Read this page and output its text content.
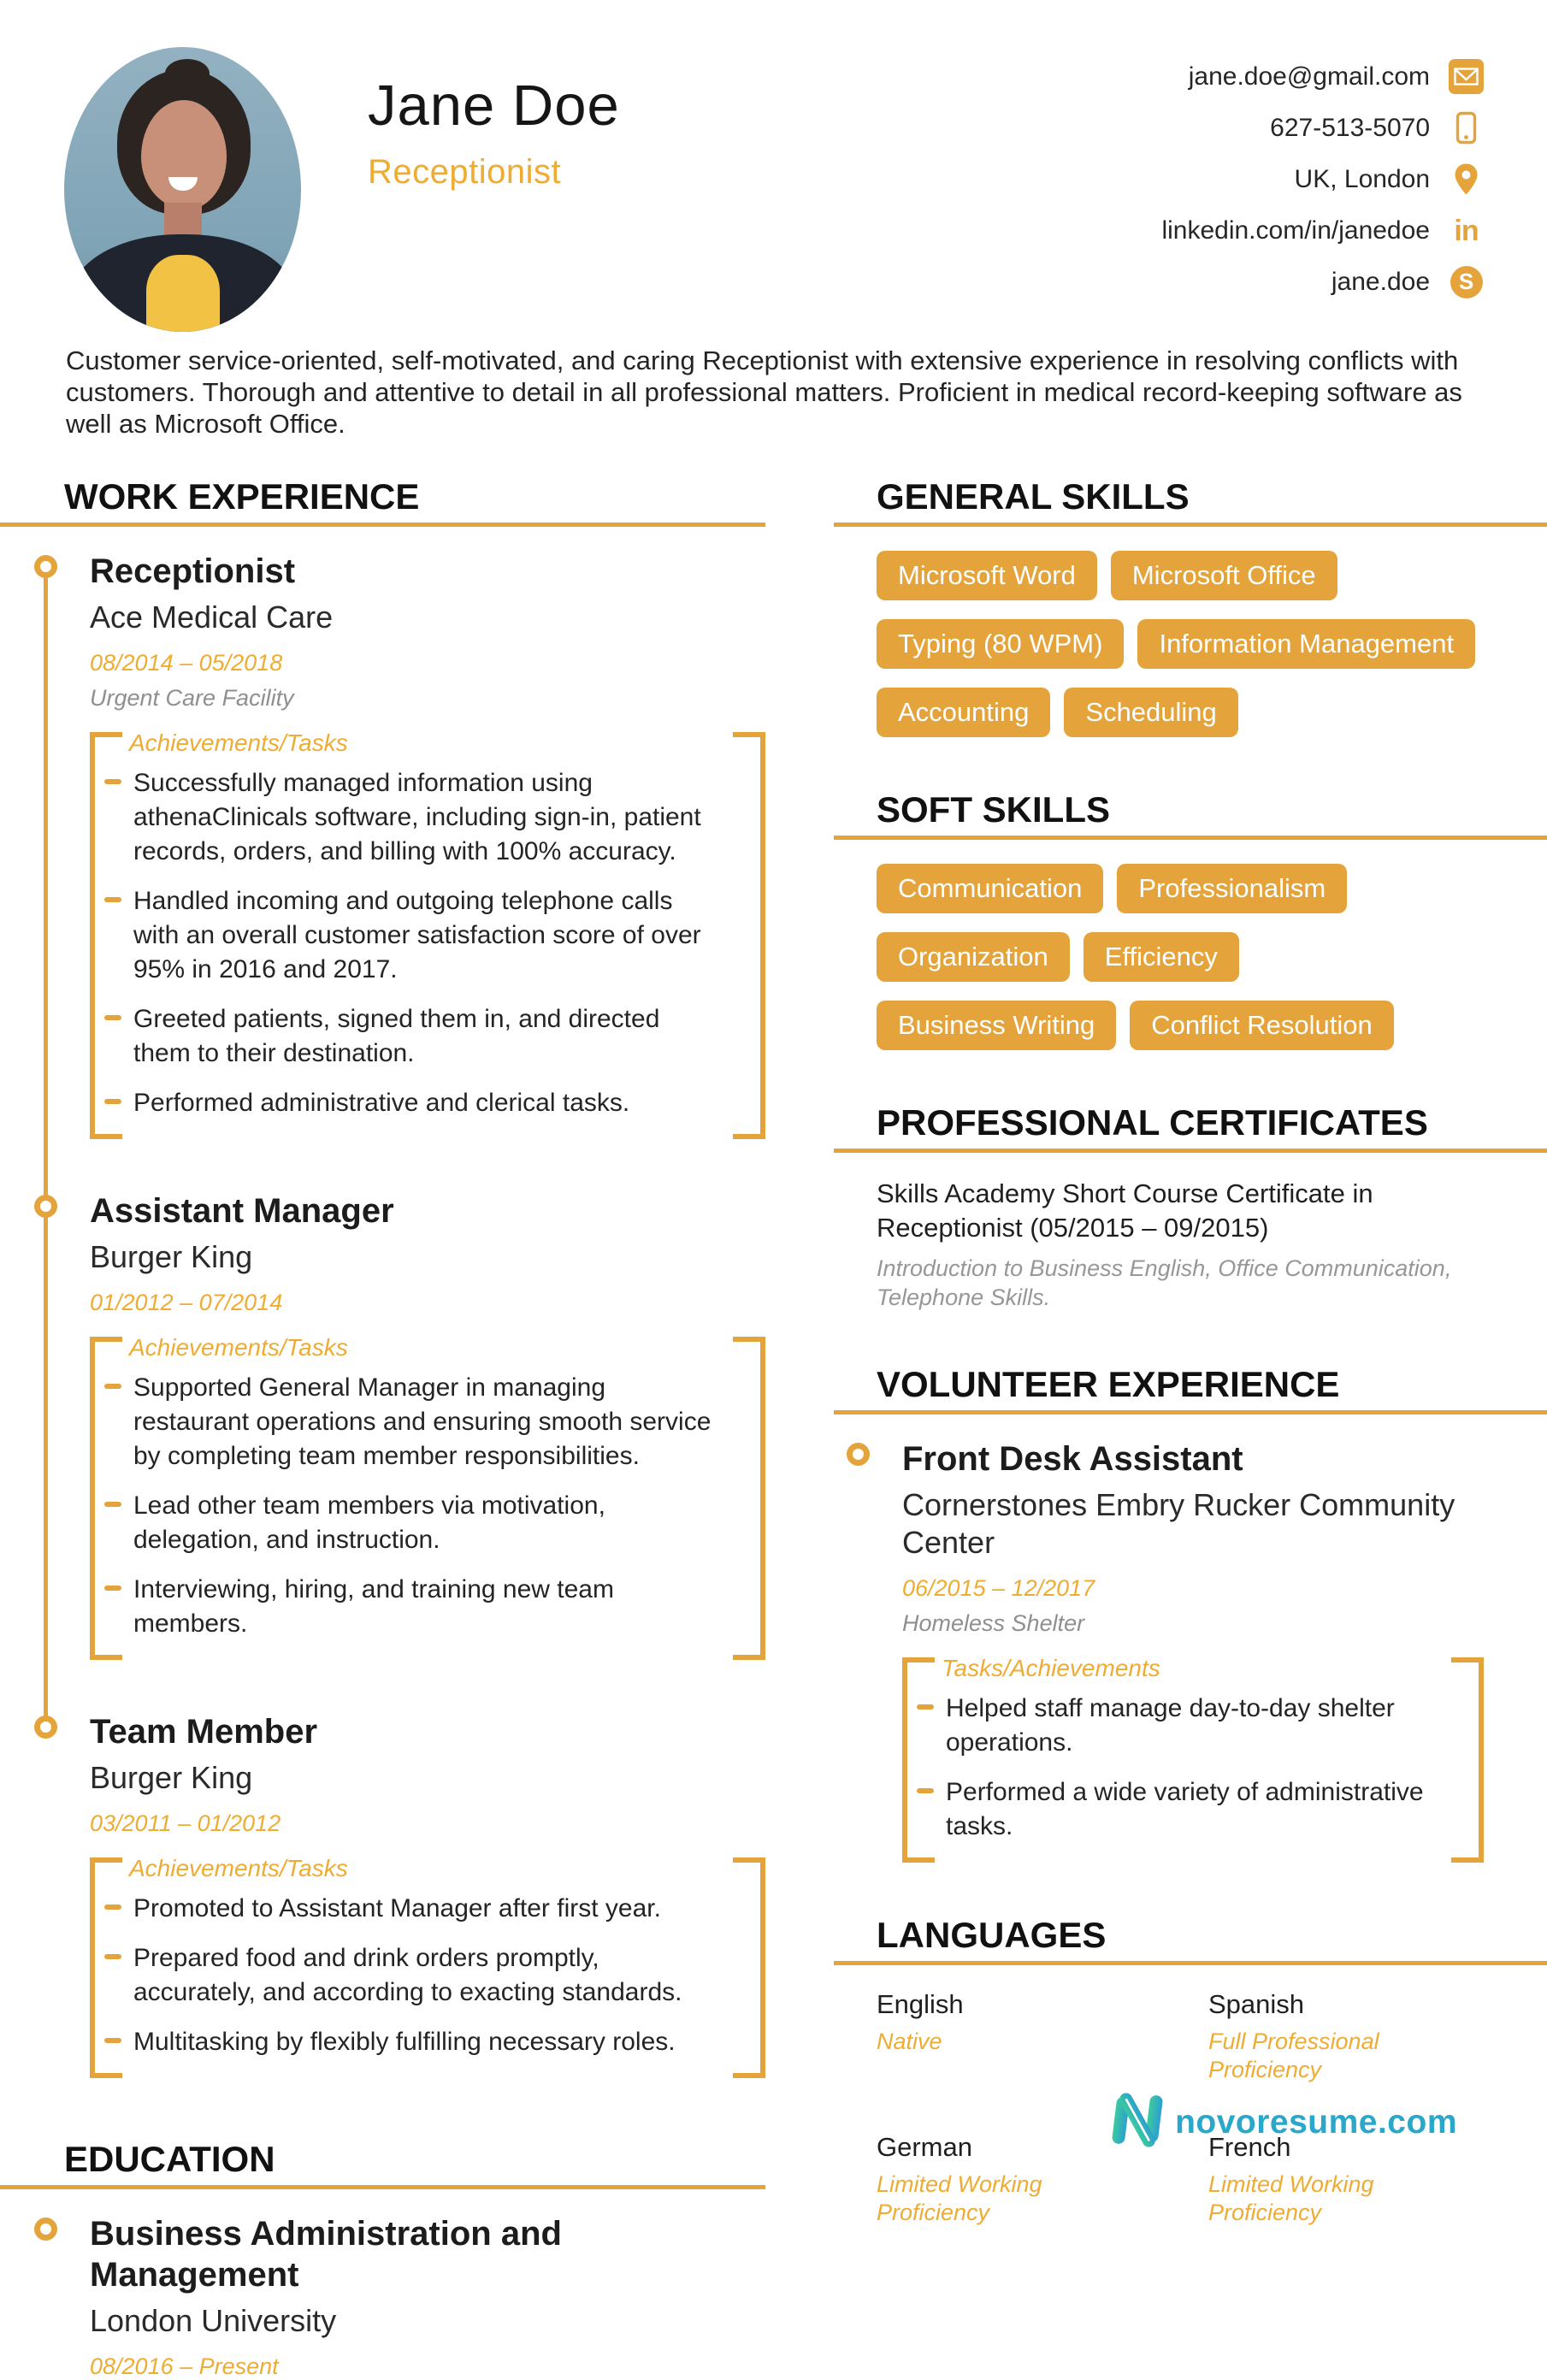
Jane Doe
Receptionist
jane.doe@gmail.com
627-513-5070
UK, London
linkedin.com/in/janedoe in
jane.doe	S

Customer service-oriented, self-motivated, and caring Receptionist with extensive experience in resolving conflicts with customers. Thorough and attentive to detail in all professional matters. Proficient in medical record-keeping software as well as Microsoft Office.

WORK EXPERIENCE
Receptionist
Ace Medical Care
08/2014 – 05/2018
Urgent Care Facility
Achievements/Tasks
Successfully managed information using athenaClinicals software, including sign-in, patient records, orders, and billing with 100% accuracy.
Handled incoming and outgoing telephone calls with an overall customer satisfaction score of over 95% in 2016 and 2017.
Greeted patients, signed them in, and directed them to their destination.
Performed administrative and clerical tasks.
Assistant Manager
Burger King
01/2012 – 07/2014
Achievements/Tasks
Supported General Manager in managing restaurant operations and ensuring smooth service by completing team member responsibilities.
Lead other team members via motivation, delegation, and instruction.
Interviewing, hiring, and training new team members.
Team Member
Burger King
03/2011 – 01/2012
Achievements/Tasks
Promoted to Assistant Manager after first year.
Prepared food and drink orders promptly, accurately, and according to exacting standards.
Multitasking by flexibly fulfilling necessary roles.
EDUCATION
Business Administration and Management
London University
08/2016 – Present
GENERAL SKILLS
Microsoft Word	Microsoft Office
Typing (80 WPM)	Information Management
Accounting	Scheduling
SOFT SKILLS
Communication	Professionalism
Organization	Efficiency
Business Writing	Conflict Resolution
PROFESSIONAL CERTIFICATES
Skills Academy Short Course Certificate in Receptionist (05/2015 – 09/2015)
Introduction to Business English, Office Communication, Telephone Skills.
VOLUNTEER EXPERIENCE
Front Desk Assistant
Cornerstones Embry Rucker Community Center
06/2015 – 12/2017
Homeless Shelter
Tasks/Achievements
Helped staff manage day-to-day shelter operations.
Performed a wide variety of administrative tasks.
LANGUAGES
English
Native
Spanish
Full Professional Proficiency
German
Limited Working Proficiency
French
Limited Working Proficiency
novoresume.com
